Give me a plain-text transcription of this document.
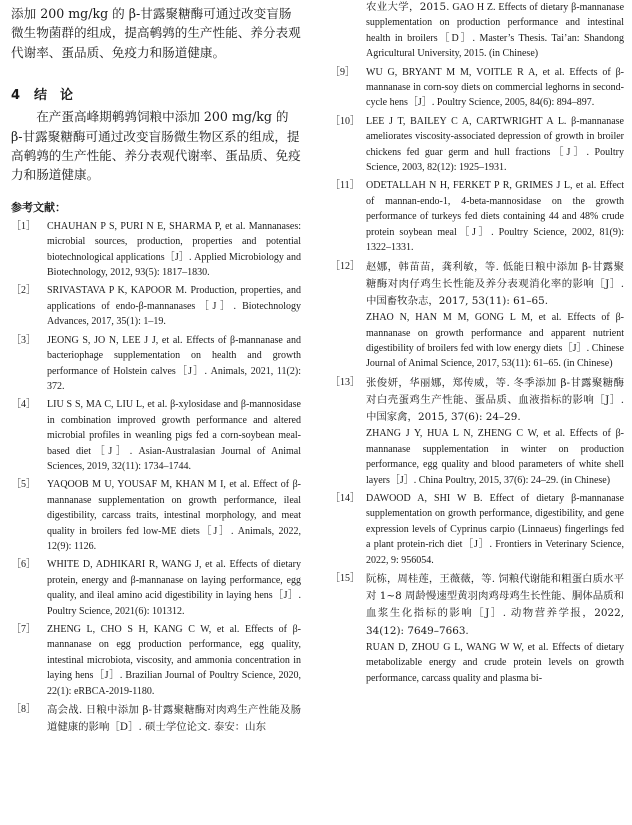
添加 200 mg/kg 的 β-甘露聚糖酶可通过改变盲肠微生物菌群的组成，提高鹌鹑的生产性能、养分表观代谢率、蛋品质、免疫力和肠道健康。
4 结　论
在产蛋高峰期鹌鹑饲粮中添加 200 mg/kg 的 β-甘露聚糖酶可通过改变盲肠微生物区系的组成，提高鹌鹑的生产性能、养分表观代谢率、蛋品质、免疫力和肠道健康。
参考文献：
［1］	CHAUHAN P S, PURI N E, SHARMA P, et al. Mannanases: microbial sources, production, properties and potential biotechnological applications［J］. Applied Microbiology and Biotechnology, 2012, 93(5): 1817–1830.
［2］	SRIVASTAVA P K, KAPOOR M. Production, properties, and applications of endo-β-mannanases［J］. Biotechnology Advances, 2017, 35(1): 1–19.
［3］	JEONG S, JO N, LEE J J, et al. Effects of β-mannanase and bacteriophage supplementation on health and growth performance of Holstein calves［J］. Animals, 2021, 11(2): 372.
［4］	LIU S S, MA C, LIU L, et al. β-xylosidase and β-mannosidase in combination improved growth performance and altered microbial profiles in weanling pigs fed a corn-soybean meal-based diet［J］. Asian-Australasian Journal of Animal Sciences, 2019, 32(11): 1734–1744.
［5］	YAQOOB M U, YOUSAF M, KHAN M I, et al. Effect of β-mannanase supplementation on growth performance, ileal digestibility, carcass traits, intestinal morphology, and meat quality in broilers fed low-ME diets［J］. Animals, 2022, 12(9): 1126.
［6］	WHITE D, ADHIKARI R, WANG J, et al. Effects of dietary protein, energy and β-mannanase on laying performance, egg quality, and ileal amino acid digestibility in laying hens［J］. Poultry Science, 2021(6): 101312.
［7］	ZHENG L, CHO S H, KANG C W, et al. Effects of β-mannanase on egg production performance, egg quality, intestinal microbiota, viscosity, and ammonia concentration in laying hens［J］. Brazilian Journal of Poultry Science, 2020, 22(1): eRBCA-2019-1180.
［8］	高会战. 日粮中添加 β-甘露聚糖酶对肉鸡生产性能及肠道健康的影响［D］. 硕士学位论文. 泰安：山东
农业大学，2015. GAO H Z. Effects of dietary β-mannanase supplementation on production performance and intestinal health in broilers［D］. Master’s Thesis. Tai’an: Shandong Agricultural University, 2015. (in Chinese)
［9］	WU G, BRYANT M M, VOITLE R A, et al. Effects of β-mannanase in corn-soy diets on commercial leghorns in second-cycle hens［J］. Poultry Science, 2005, 84(6): 894–897.
［10］ LEE J T, BAILEY C A, CARTWRIGHT A L. β-mannanase ameliorates viscosity-associated depression of growth in broiler chickens fed guar germ and hull fractions［J］. Poultry Science, 2003, 82(12): 1925–1931.
［11］ ODETALLAH N H, FERKET P R, GRIMES J L, et al. Effect of mannan-endo-1, 4-beta-mannosidase on the growth performance of turkeys fed diets containing 44 and 48% crude protein soybean meal［J］. Poultry Science, 2002, 81(9): 1322–1331.
［12］ 赵娜，韩苗苗，龚利敏，等. 低能日粮中添加 β-甘露聚糖酶对肉仔鸡生长性能及养分表观消化率的影响［J］. 中国畜牧杂志，2017, 53(11): 61–65.
ZHAO N, HAN M M, GONG L M, et al. Effects of β-mannanase on growth performance and apparent nutrient digestibility of broilers fed with low energy diets［J］. Chinese Journal of Animal Science, 2017, 53(11): 61–65. (in Chinese)
［13］ 张俊妍，华丽娜，郑传威，等. 冬季添加 β-甘露聚糖酶对白壳蛋鸡生产性能、蛋品质、血液指标的影响［J］. 中国家禽，2015, 37(6): 24–29.
ZHANG J Y, HUA L N, ZHENG C W, et al. Effects of β-mannanase supplementation in winter on production performance, egg quality and blood parameters of white shell layers［J］. China Poultry, 2015, 37(6): 24–29. (in Chinese)
［14］ DAWOOD A, SHI W B. Effect of dietary β-mannanase supplementation on growth performance, digestibility, and gene expression levels of Cyprinus carpio (Linnaeus) fingerlings fed a plant protein-rich diet［J］. Frontiers in Veterinary Science, 2022, 9: 956054.
［15］ 阮栋，周桂莲，王薇薇，等. 饲粮代谢能和粗蛋白质水平对 1~8 周龄慢速型黄羽肉鸡母鸡生长性能、胴体品质和血浆生化指标的影响［J］. 动物营养学报，2022, 34(12): 7649–7663.
RUAN D, ZHOU G L, WANG W W, et al. Effects of dietary metabolizable energy and crude protein levels on growth performance, carcass quality and plasma bi-
